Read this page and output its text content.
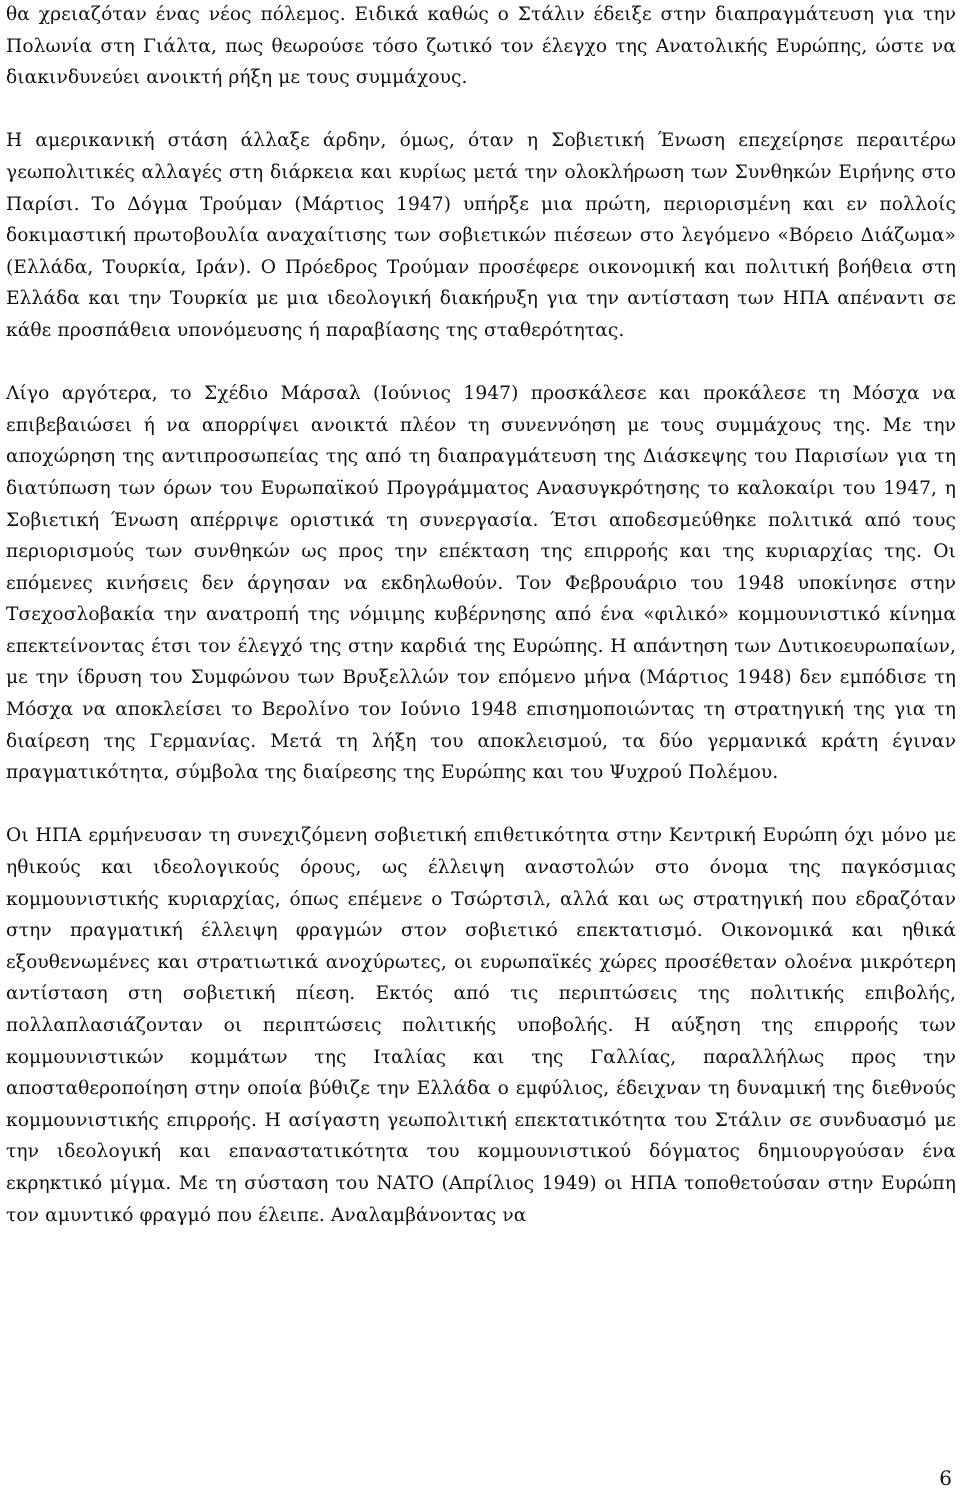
θα χρειαζόταν ένας νέος πόλεμος. Ειδικά καθώς ο Στάλιν έδειξε στην διαπραγμάτευση για την Πολωνία στη Γιάλτα, πως θεωρούσε τόσο ζωτικό τον έλεγχο της Ανατολικής Ευρώπης, ώστε να διακινδυνεύει ανοικτή ρήξη με τους συμμάχους.

Η αμερικανική στάση άλλαξε άρδην, όμως, όταν η Σοβιετική Ένωση επεχείρησε περαιτέρω γεωπολιτικές αλλαγές στη διάρκεια και κυρίως μετά την ολοκλήρωση των Συνθηκών Ειρήνης στο Παρίσι. Το Δόγμα Τρούμαν (Μάρτιος 1947) υπήρξε μια πρώτη, περιορισμένη και εν πολλοίς δοκιμαστική πρωτοβουλία αναχαίτισης των σοβιετικών πιέσεων στο λεγόμενο «Βόρειο Διάζωμα» (Ελλάδα, Τουρκία, Ιράν). Ο Πρόεδρος Τρούμαν προσέφερε οικονομική και πολιτική βοήθεια στη Ελλάδα και την Τουρκία με μια ιδεολογική διακήρυξη για την αντίσταση των ΗΠΑ απέναντι σε κάθε προσπάθεια υπονόμευσης ή παραβίασης της σταθερότητας.

Λίγο αργότερα, το Σχέδιο Μάρσαλ (Ιούνιος 1947) προσκάλεσε και προκάλεσε τη Μόσχα να επιβεβαιώσει ή να απορρίψει ανοικτά πλέον τη συνεννόηση με τους συμμάχους της. Με την αποχώρηση της αντιπροσωπείας της από τη διαπραγμάτευση της Διάσκεψης του Παρισίων για τη διατύπωση των όρων του Ευρωπαϊκού Προγράμματος Ανασυγκρότησης το καλοκαίρι του 1947, η Σοβιετική Ένωση απέρριψε οριστικά τη συνεργασία. Έτσι αποδεσμεύθηκε πολιτικά από τους περιορισμούς των συνθηκών ως προς την επέκταση της επιρροής και της κυριαρχίας της. Οι επόμενες κινήσεις δεν άργησαν να εκδηλωθούν. Τον Φεβρουάριο του 1948 υποκίνησε στην Τσεχοσλοβακία την ανατροπή της νόμιμης κυβέρνησης από ένα «φιλικό» κομμουνιστικό κίνημα επεκτείνοντας έτσι τον έλεγχό της στην καρδιά της Ευρώπης. Η απάντηση των Δυτικοευρωπαίων, με την ίδρυση του Συμφώνου των Βρυξελλών τον επόμενο μήνα (Μάρτιος 1948) δεν εμπόδισε τη Μόσχα να αποκλείσει το Βερολίνο τον Ιούνιο 1948 επισημοποιώντας τη στρατηγική της για τη διαίρεση της Γερμανίας. Μετά τη λήξη του αποκλεισμού, τα δύο γερμανικά κράτη έγιναν πραγματικότητα, σύμβολα της διαίρεσης της Ευρώπης και του Ψυχρού Πολέμου.

Οι ΗΠΑ ερμήνευσαν τη συνεχιζόμενη σοβιετική επιθετικότητα στην Κεντρική Ευρώπη όχι μόνο με ηθικούς και ιδεολογικούς όρους, ως έλλειψη αναστολών στο όνομα της παγκόσμιας κομμουνιστικής κυριαρχίας, όπως επέμενε ο Τσώρτσιλ, αλλά και ως στρατηγική που εδραζόταν στην πραγματική έλλειψη φραγμών στον σοβιετικό επεκτατισμό. Οικονομικά και ηθικά εξουθενωμένες και στρατιωτικά ανοχύρωτες, οι ευρωπαϊκές χώρες προσέθεταν ολοένα μικρότερη αντίσταση στη σοβιετική πίεση. Εκτός από τις περιπτώσεις της πολιτικής επιβολής, πολλαπλασιάζονταν οι περιπτώσεις πολιτικής υποβολής. Η αύξηση της επιρροής των κομμουνιστικών κομμάτων της Ιταλίας και της Γαλλίας, παραλλήλως προς την αποσταθεροποίηση στην οποία βύθιζε την Ελλάδα ο εμφύλιος, έδειχναν τη δυναμική της διεθνούς κομμουνιστικής επιρροής. Η ασίγαστη γεωπολιτική επεκτατικότητα του Στάλιν σε συνδυασμό με την ιδεολογική και επαναστατικότητα του κομμουνιστικού δόγματος δημιουργούσαν ένα εκρηκτικό μίγμα. Με τη σύσταση του ΝΑΤΟ (Απρίλιος 1949) οι ΗΠΑ τοποθετούσαν στην Ευρώπη τον αμυντικό φραγμό που έλειπε. Αναλαμβάνοντας να

6
